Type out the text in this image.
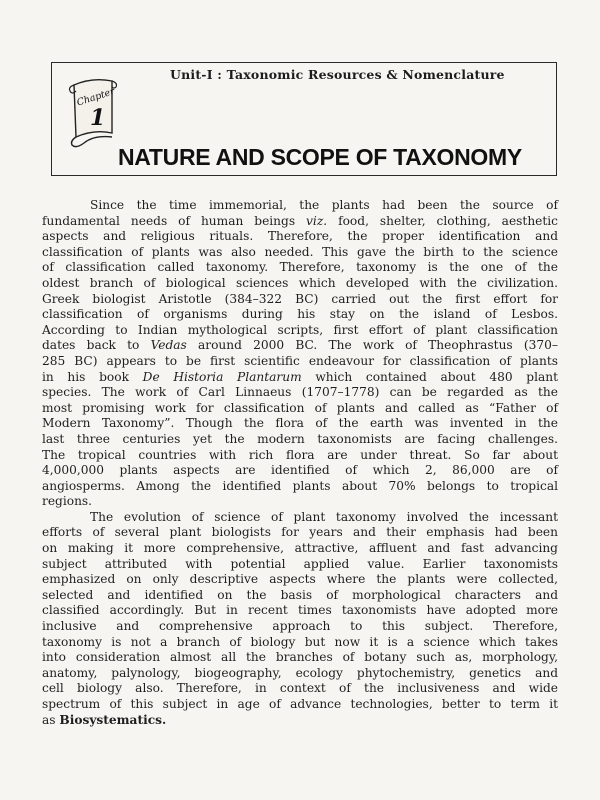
Unit-I : Taxonomic Resources & Nomenclature
Chapter
1
NATURE AND SCOPE OF TAXONOMY
Since the time immemorial, the plants had been the source of
fundamental needs of human beings viz. food, shelter, clothing, aesthetic
aspects and religious rituals. Therefore, the proper identification and
classification of plants was also needed. This gave the birth to the science
of classification called taxonomy. Therefore, taxonomy is the one of the
oldest branch of biological sciences which developed with the civilization.
Greek biologist Aristotle (384–322 BC) carried out the first effort for
classification of organisms during his stay on the island of Lesbos.
According to Indian mythological scripts, first effort of plant classification
dates back to Vedas around 2000 BC. The work of Theophrastus (370–
285 BC) appears to be first scientific endeavour for classification of plants
in his book De Historia Plantarum which contained about 480 plant
species. The work of Carl Linnaeus (1707–1778) can be regarded as the
most promising work for classification of plants and called as “Father of
Modern Taxonomy”. Though the flora of the earth was invented in the
last three centuries yet the modern taxonomists are facing challenges.
The tropical countries with rich flora are under threat. So far about
4,000,000 plants aspects are identified of which 2, 86,000 are of
angiosperms. Among the identified plants about 70% belongs to tropical
regions.
The evolution of science of plant taxonomy involved the incessant
efforts of several plant biologists for years and their emphasis had been
on making it more comprehensive, attractive, affluent and fast advancing
subject attributed with potential applied value. Earlier taxonomists
emphasized on only descriptive aspects where the plants were collected,
selected and identified on the basis of morphological characters and
classified accordingly. But in recent times taxonomists have adopted more
inclusive and comprehensive approach to this subject. Therefore,
taxonomy is not a branch of biology but now it is a science which takes
into consideration almost all the branches of botany such as, morphology,
anatomy, palynology, biogeography, ecology phytochemistry, genetics and
cell biology also. Therefore, in context of the inclusiveness and wide
spectrum of this subject in age of advance technologies, better to term it
as Biosystematics.
